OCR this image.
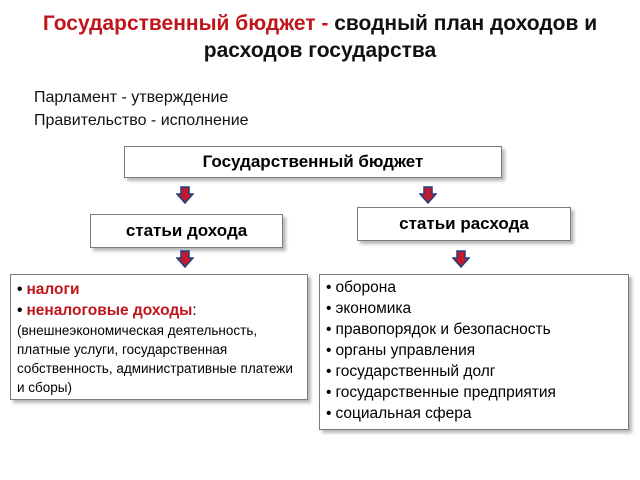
Государственный бюджет - сводный план доходов и расходов государства
Парламент - утверждение
Правительство - исполнение
Государственный бюджет
статьи дохода	статьи расхода
• налоги
• неналоговые доходы:
(внешнеэкономическая деятельность, платные услуги, государственная собственность, административные платежи и сборы)
• оборона
• экономика
• правопорядок и безопасность
• органы управления
• государственный долг
• государственные предприятия
• социальная сфера
